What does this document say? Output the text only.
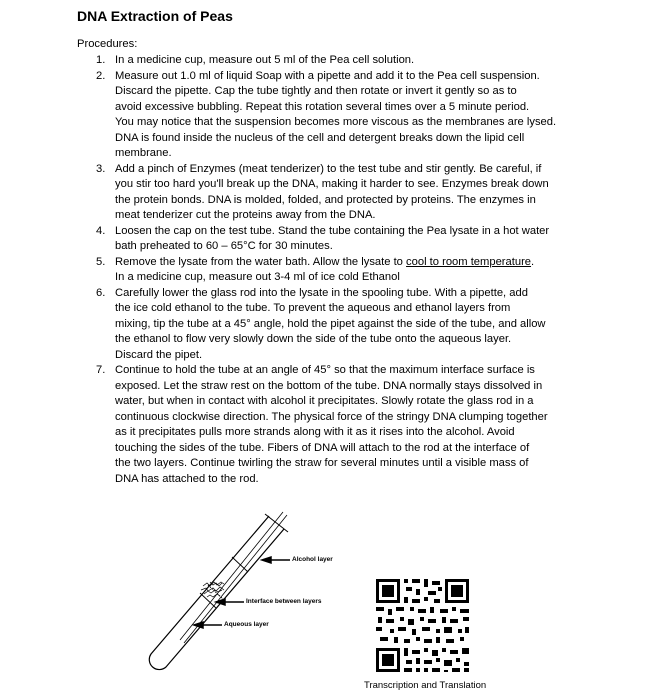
DNA Extraction of Peas

Procedures:

1. In a medicine cup, measure out 5 ml of the Pea cell solution.
2. Measure out 1.0 ml of liquid Soap with a pipette and add it to the Pea cell suspension.
Discard the pipette. Cap the tube tightly and then rotate or invert it gently so as to
avoid excessive bubbling. Repeat this rotation several times over a 5 minute period.
You may notice that the suspension becomes more viscous as the membranes are lysed.
DNA is found inside the nucleus of the cell and detergent breaks down the lipid cell
membrane.
3. Add a pinch of Enzymes (meat tenderizer) to the test tube and stir gently. Be careful, if
you stir too hard you'll break up the DNA, making it harder to see. Enzymes break down
the protein bonds. DNA is molded, folded, and protected by proteins. The enzymes in
meat tenderizer cut the proteins away from the DNA.
4. Loosen the cap on the test tube. Stand the tube containing the Pea lysate in a hot water
bath preheated to 60 – 65°C for 30 minutes.
5. Remove the lysate from the water bath. Allow the lysate to cool to room temperature.
In a medicine cup, measure out 3-4 ml of ice cold Ethanol
6. Carefully lower the glass rod into the lysate in the spooling tube. With a pipette, add
the ice cold ethanol to the tube. To prevent the aqueous and ethanol layers from
mixing, tip the tube at a 45° angle, hold the pipet against the side of the tube, and allow
the ethanol to flow very slowly down the side of the tube onto the aqueous layer.
Discard the pipet.
7. Continue to hold the tube at an angle of 45° so that the maximum interface surface is
exposed. Let the straw rest on the bottom of the tube. DNA normally stays dissolved in
water, but when in contact with alcohol it precipitates. Slowly rotate the glass rod in a
continuous clockwise direction. The physical force of the stringy DNA clumping together
as it precipitates pulls more strands along with it as it rises into the alcohol. Avoid
touching the sides of the tube. Fibers of DNA will attach to the rod at the interface of
the two layers. Continue twirling the straw for several minutes until a visible mass of
DNA has attached to the rod.
Alcohol layer
Interface between layers
Aqueous layer
Transcription and Translation
